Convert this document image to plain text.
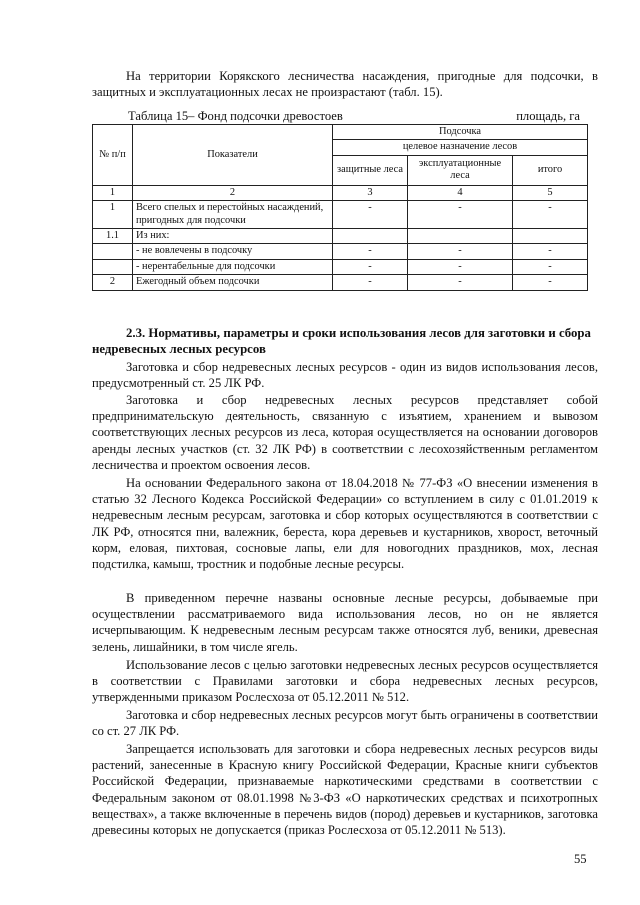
На территории Корякского лесничества насаждения, пригодные для подсочки, в защитных и эксплуатационных лесах не произрастают (табл. 15).

Таблица 15– Фонд подсочки древостоев	площадь, га
№ п/п	Показатели	Подсочка		
		целевое назначение лесов		
		защитные леса	эксплуатационные леса	итого
1	2	3	4	5
1	Всего спелых и перестойных насаждений, пригодных для подсочки	-	-	-
1.1	Из них:			
	- не вовлечены в подсочку	-	-	-
	- нерентабельные для подсочки	-	-	-
2	Ежегодный объем подсочки	-	-	-

2.3. Нормативы, параметры и сроки использования лесов для заготовки и сбора недревесных лесных ресурсов

Заготовка и сбор недревесных лесных ресурсов - один из видов использования лесов, предусмотренный ст. 25 ЛК РФ.

Заготовка и сбор недревесных лесных ресурсов представляет собой предпринимательскую деятельность, связанную с изъятием, хранением и вывозом соответствующих лесных ресурсов из леса, которая осуществляется на основании договоров аренды лесных участков (ст. 32 ЛК РФ) в соответствии с лесохозяйственным регламентом лесничества и проектом освоения лесов.

На основании Федерального закона от 18.04.2018 № 77-ФЗ «О внесении изменения в статью 32 Лесного Кодекса Российской Федерации» со вступлением в силу с 01.01.2019 к недревесным лесным ресурсам, заготовка и сбор которых осуществляются в соответствии с ЛК РФ, относятся пни, валежник, береста, кора деревьев и кустарников, хворост, веточный корм, еловая, пихтовая, сосновые лапы, ели для новогодних праздников, мох, лесная подстилка, камыш, тростник и подобные лесные ресурсы.

В приведенном перечне названы основные лесные ресурсы, добываемые при осуществлении рассматриваемого вида использования лесов, но он не является исчерпывающим. К недревесным лесным ресурсам также относятся луб, веники, древесная зелень, лишайники, в том числе ягель.

Использование лесов с целью заготовки недревесных лесных ресурсов осуществляется в соответствии с Правилами заготовки и сбора недревесных лесных ресурсов, утвержденными приказом Рослесхоза от 05.12.2011 № 512.

Заготовка и сбор недревесных лесных ресурсов могут быть ограничены в соответствии со ст. 27 ЛК РФ.

Запрещается использовать для заготовки и сбора недревесных лесных ресурсов виды растений, занесенные в Красную книгу Российской Федерации, Красные книги субъектов Российской Федерации, признаваемые наркотическими средствами в соответствии с Федеральным законом от 08.01.1998 №3-ФЗ «О наркотических средствах и психотропных веществах», а также включенные в перечень видов (пород) деревьев и кустарников, заготовка древесины которых не допускается (приказ Рослесхоза от 05.12.2011 № 513).

55
